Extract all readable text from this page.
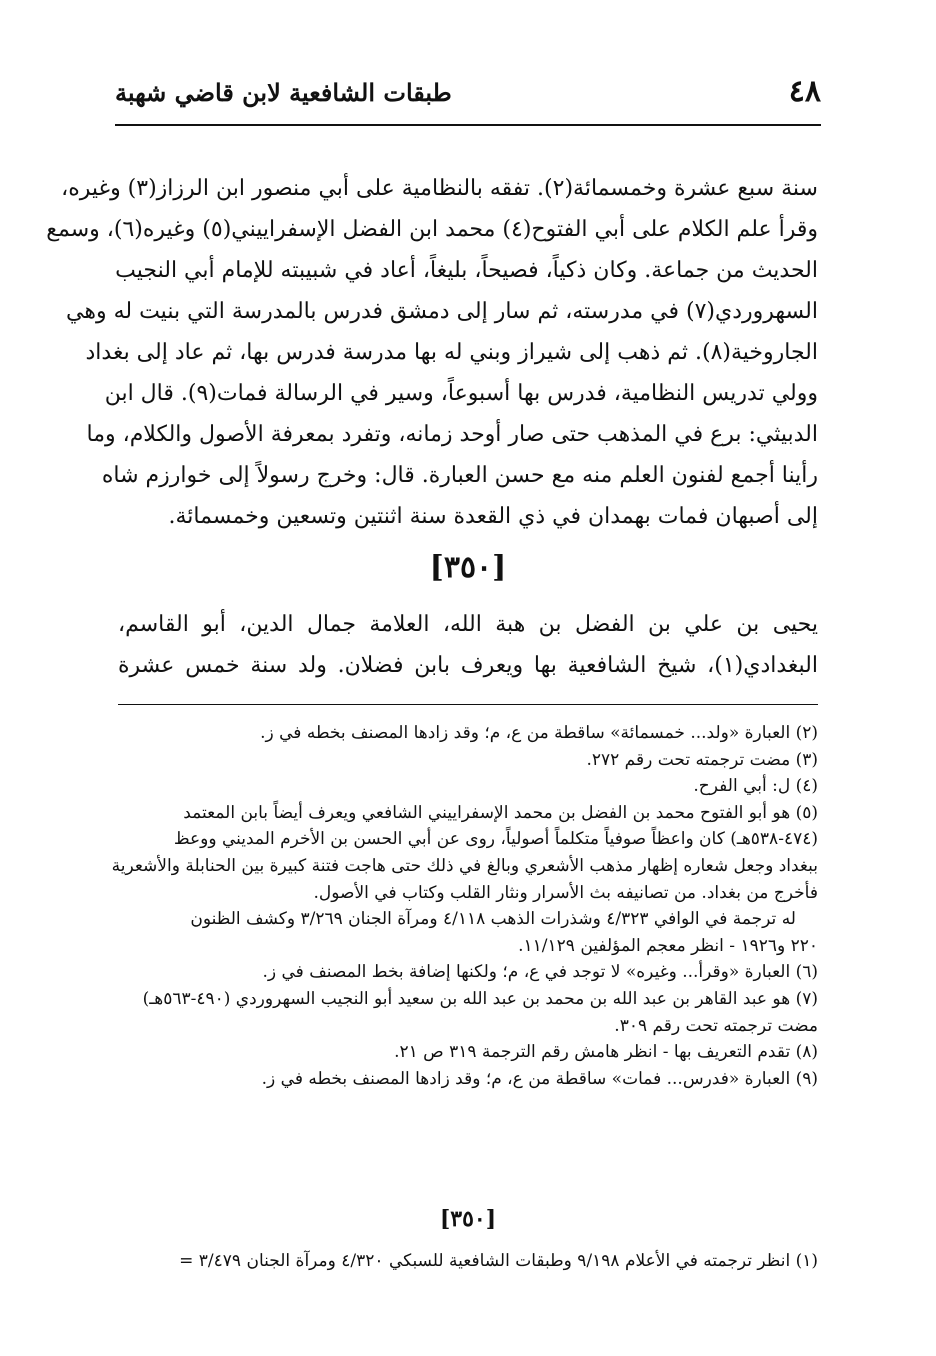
٤٨
طبقات الشافعية لابن قاضي شهبة
سنة سبع عشرة وخمسمائة(٢). تفقه بالنظامية على أبي منصور ابن الرزاز(٣) وغيره،
وقرأ علم الكلام على أبي الفتوح(٤) محمد ابن الفضل الإسفراييني(٥) وغيره(٦)، وسمع
الحديث من جماعة. وكان ذكياً، فصيحاً، بليغاً، أعاد في شبيبته للإمام أبي النجيب
السهروردي(٧) في مدرسته، ثم سار إلى دمشق فدرس بالمدرسة التي بنيت له وهي
الجاروخية(٨). ثم ذهب إلى شيراز وبني له بها مدرسة فدرس بها، ثم عاد إلى بغداد
وولي تدريس النظامية، فدرس بها أسبوعاً، وسير في الرسالة فمات(٩). قال ابن
الدبيثي: برع في المذهب حتى صار أوحد زمانه، وتفرد بمعرفة الأصول والكلام، وما
رأينا أجمع لفنون العلم منه مع حسن العبارة. قال: وخرج رسولاً إلى خوارزم شاه
إلى أصبهان فمات بهمدان في ذي القعدة سنة اثنتين وتسعين وخمسمائة.
[٣٥٠]
يحيى بن علي بن الفضل بن هبة الله، العلامة جمال الدين، أبو القاسم،
البغدادي(١)، شيخ الشافعية بها ويعرف بابن فضلان. ولد سنة خمس عشرة
(٢) العبارة «ولد... خمسمائة» ساقطة من ع، م؛ وقد زادها المصنف بخطه في ز.
(٣) مضت ترجمته تحت رقم ٢٧٢.
(٤) ل: أبي الفرح.
(٥) هو أبو الفتوح محمد بن الفضل بن محمد الإسفراييني الشافعي ويعرف أيضاً بابن المعتمد
(٤٧٤-٥٣٨هـ) كان واعظاً صوفياً متكلماً أصولياً، روى عن أبي الحسن بن الأخرم المديني ووعظ
ببغداد وجعل شعاره إظهار مذهب الأشعري وبالغ في ذلك حتى هاجت فتنة كبيرة بين الحنابلة والأشعرية
فأخرج من بغداد. من تصانيفه بث الأسرار ونثار القلب وكتاب في الأصول.
له ترجمة في الوافي ٤/٣٢٣ وشذرات الذهب ٤/١١٨ ومرآة الجنان ٣/٢٦٩ وكشف الظنون
٢٢٠ و١٩٢٦ - انظر معجم المؤلفين ١١/١٢٩.
(٦) العبارة «وقرأ... وغيره» لا توجد في ع، م؛ ولكنها إضافة بخط المصنف في ز.
(٧) هو عبد القاهر بن عبد الله بن محمد بن عبد الله بن سعيد أبو النجيب السهروردي (٤٩٠-٥٦٣هـ)
مضت ترجمته تحت رقم ٣٠٩.
(٨) تقدم التعريف بها - انظر هامش رقم الترجمة ٣١٩ ص ٢١.
(٩) العبارة «فدرس... فمات» ساقطة من ع، م؛ وقد زادها المصنف بخطه في ز.
[٣٥٠]
(١) انظر ترجمته في الأعلام ٩/١٩٨ وطبقات الشافعية للسبكي ٤/٣٢٠ ومرآة الجنان ٣/٤٧٩ =
